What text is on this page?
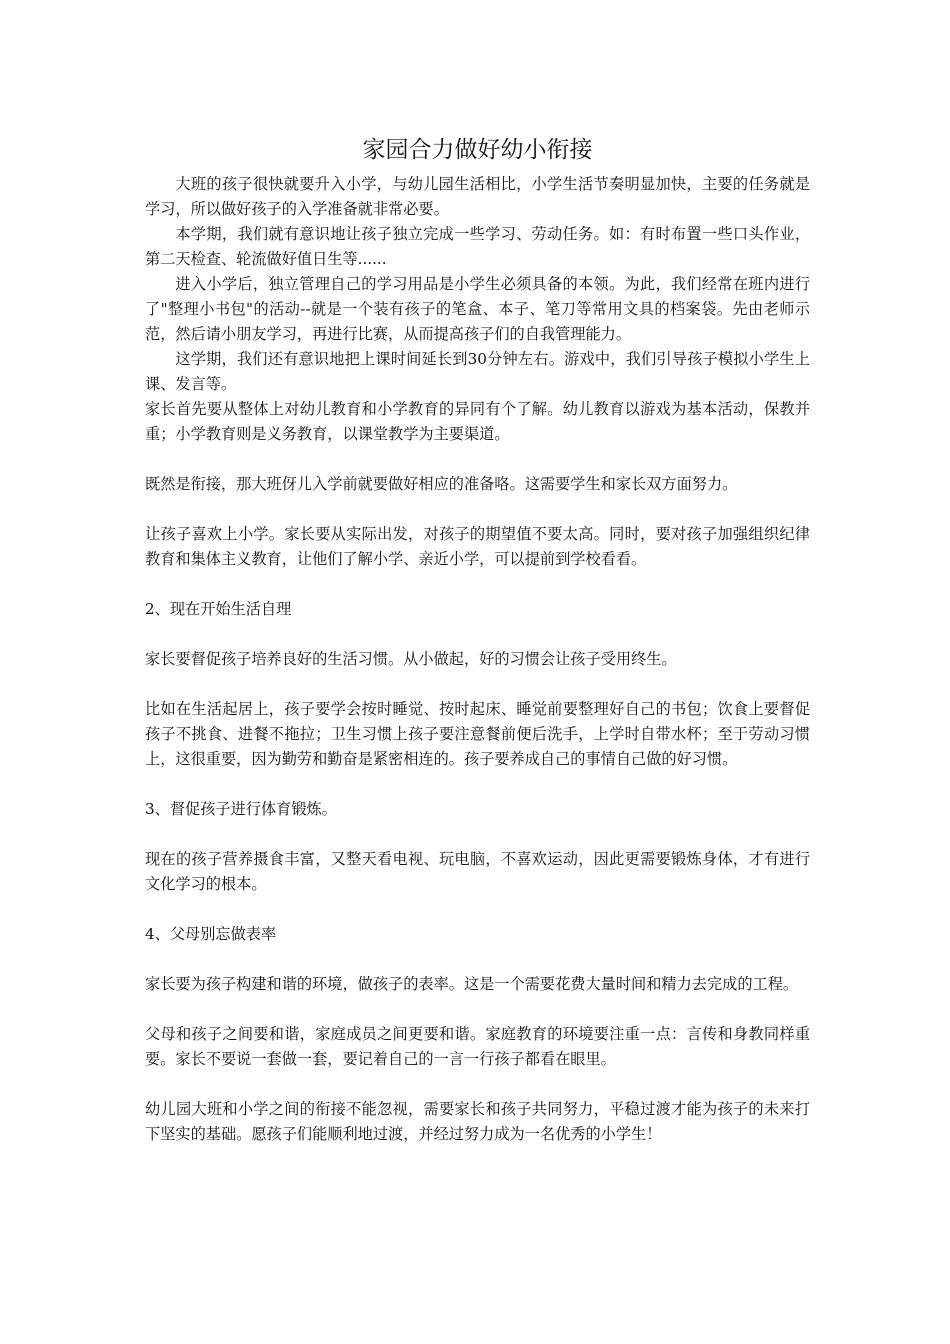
家园合力做好幼小衔接

大班的孩子很快就要升入小学，与幼儿园生活相比，小学生活节奏明显加快，主要的任务就是学习，所以做好孩子的入学准备就非常必要。

本学期，我们就有意识地让孩子独立完成一些学习、劳动任务。如：有时布置一些口头作业，第二天检查、轮流做好值日生等......

进入小学后，独立管理自己的学习用品是小学生必须具备的本领。为此，我们经常在班内进行了"整理小书包"的活动--就是一个装有孩子的笔盒、本子、笔刀等常用文具的档案袋。先由老师示范，然后请小朋友学习，再进行比赛，从而提高孩子们的自我管理能力。

这学期，我们还有意识地把上课时间延长到30分钟左右。游戏中，我们引导孩子模拟小学生上课、发言等。

家长首先要从整体上对幼儿教育和小学教育的异同有个了解。幼儿教育以游戏为基本活动，保教并重；小学教育则是义务教育，以课堂教学为主要渠道。

既然是衔接，那大班伢儿入学前就要做好相应的准备咯。这需要学生和家长双方面努力。

让孩子喜欢上小学。家长要从实际出发，对孩子的期望值不要太高。同时，要对孩子加强组织纪律教育和集体主义教育，让他们了解小学、亲近小学，可以提前到学校看看。

2、现在开始生活自理

家长要督促孩子培养良好的生活习惯。从小做起，好的习惯会让孩子受用终生。

比如在生活起居上，孩子要学会按时睡觉、按时起床、睡觉前要整理好自己的书包；饮食上要督促孩子不挑食、进餐不拖拉；卫生习惯上孩子要注意餐前便后洗手，上学时自带水杯；至于劳动习惯上，这很重要，因为勤劳和勤奋是紧密相连的。孩子要养成自己的事情自己做的好习惯。

3、督促孩子进行体育锻炼。

现在的孩子营养摄食丰富，又整天看电视、玩电脑，不喜欢运动，因此更需要锻炼身体，才有进行文化学习的根本。

4、父母别忘做表率

家长要为孩子构建和谐的环境，做孩子的表率。这是一个需要花费大量时间和精力去完成的工程。

父母和孩子之间要和谐，家庭成员之间更要和谐。家庭教育的环境要注重一点：言传和身教同样重要。家长不要说一套做一套，要记着自己的一言一行孩子都看在眼里。

幼儿园大班和小学之间的衔接不能忽视，需要家长和孩子共同努力，平稳过渡才能为孩子的未来打下坚实的基础。愿孩子们能顺利地过渡，并经过努力成为一名优秀的小学生！
